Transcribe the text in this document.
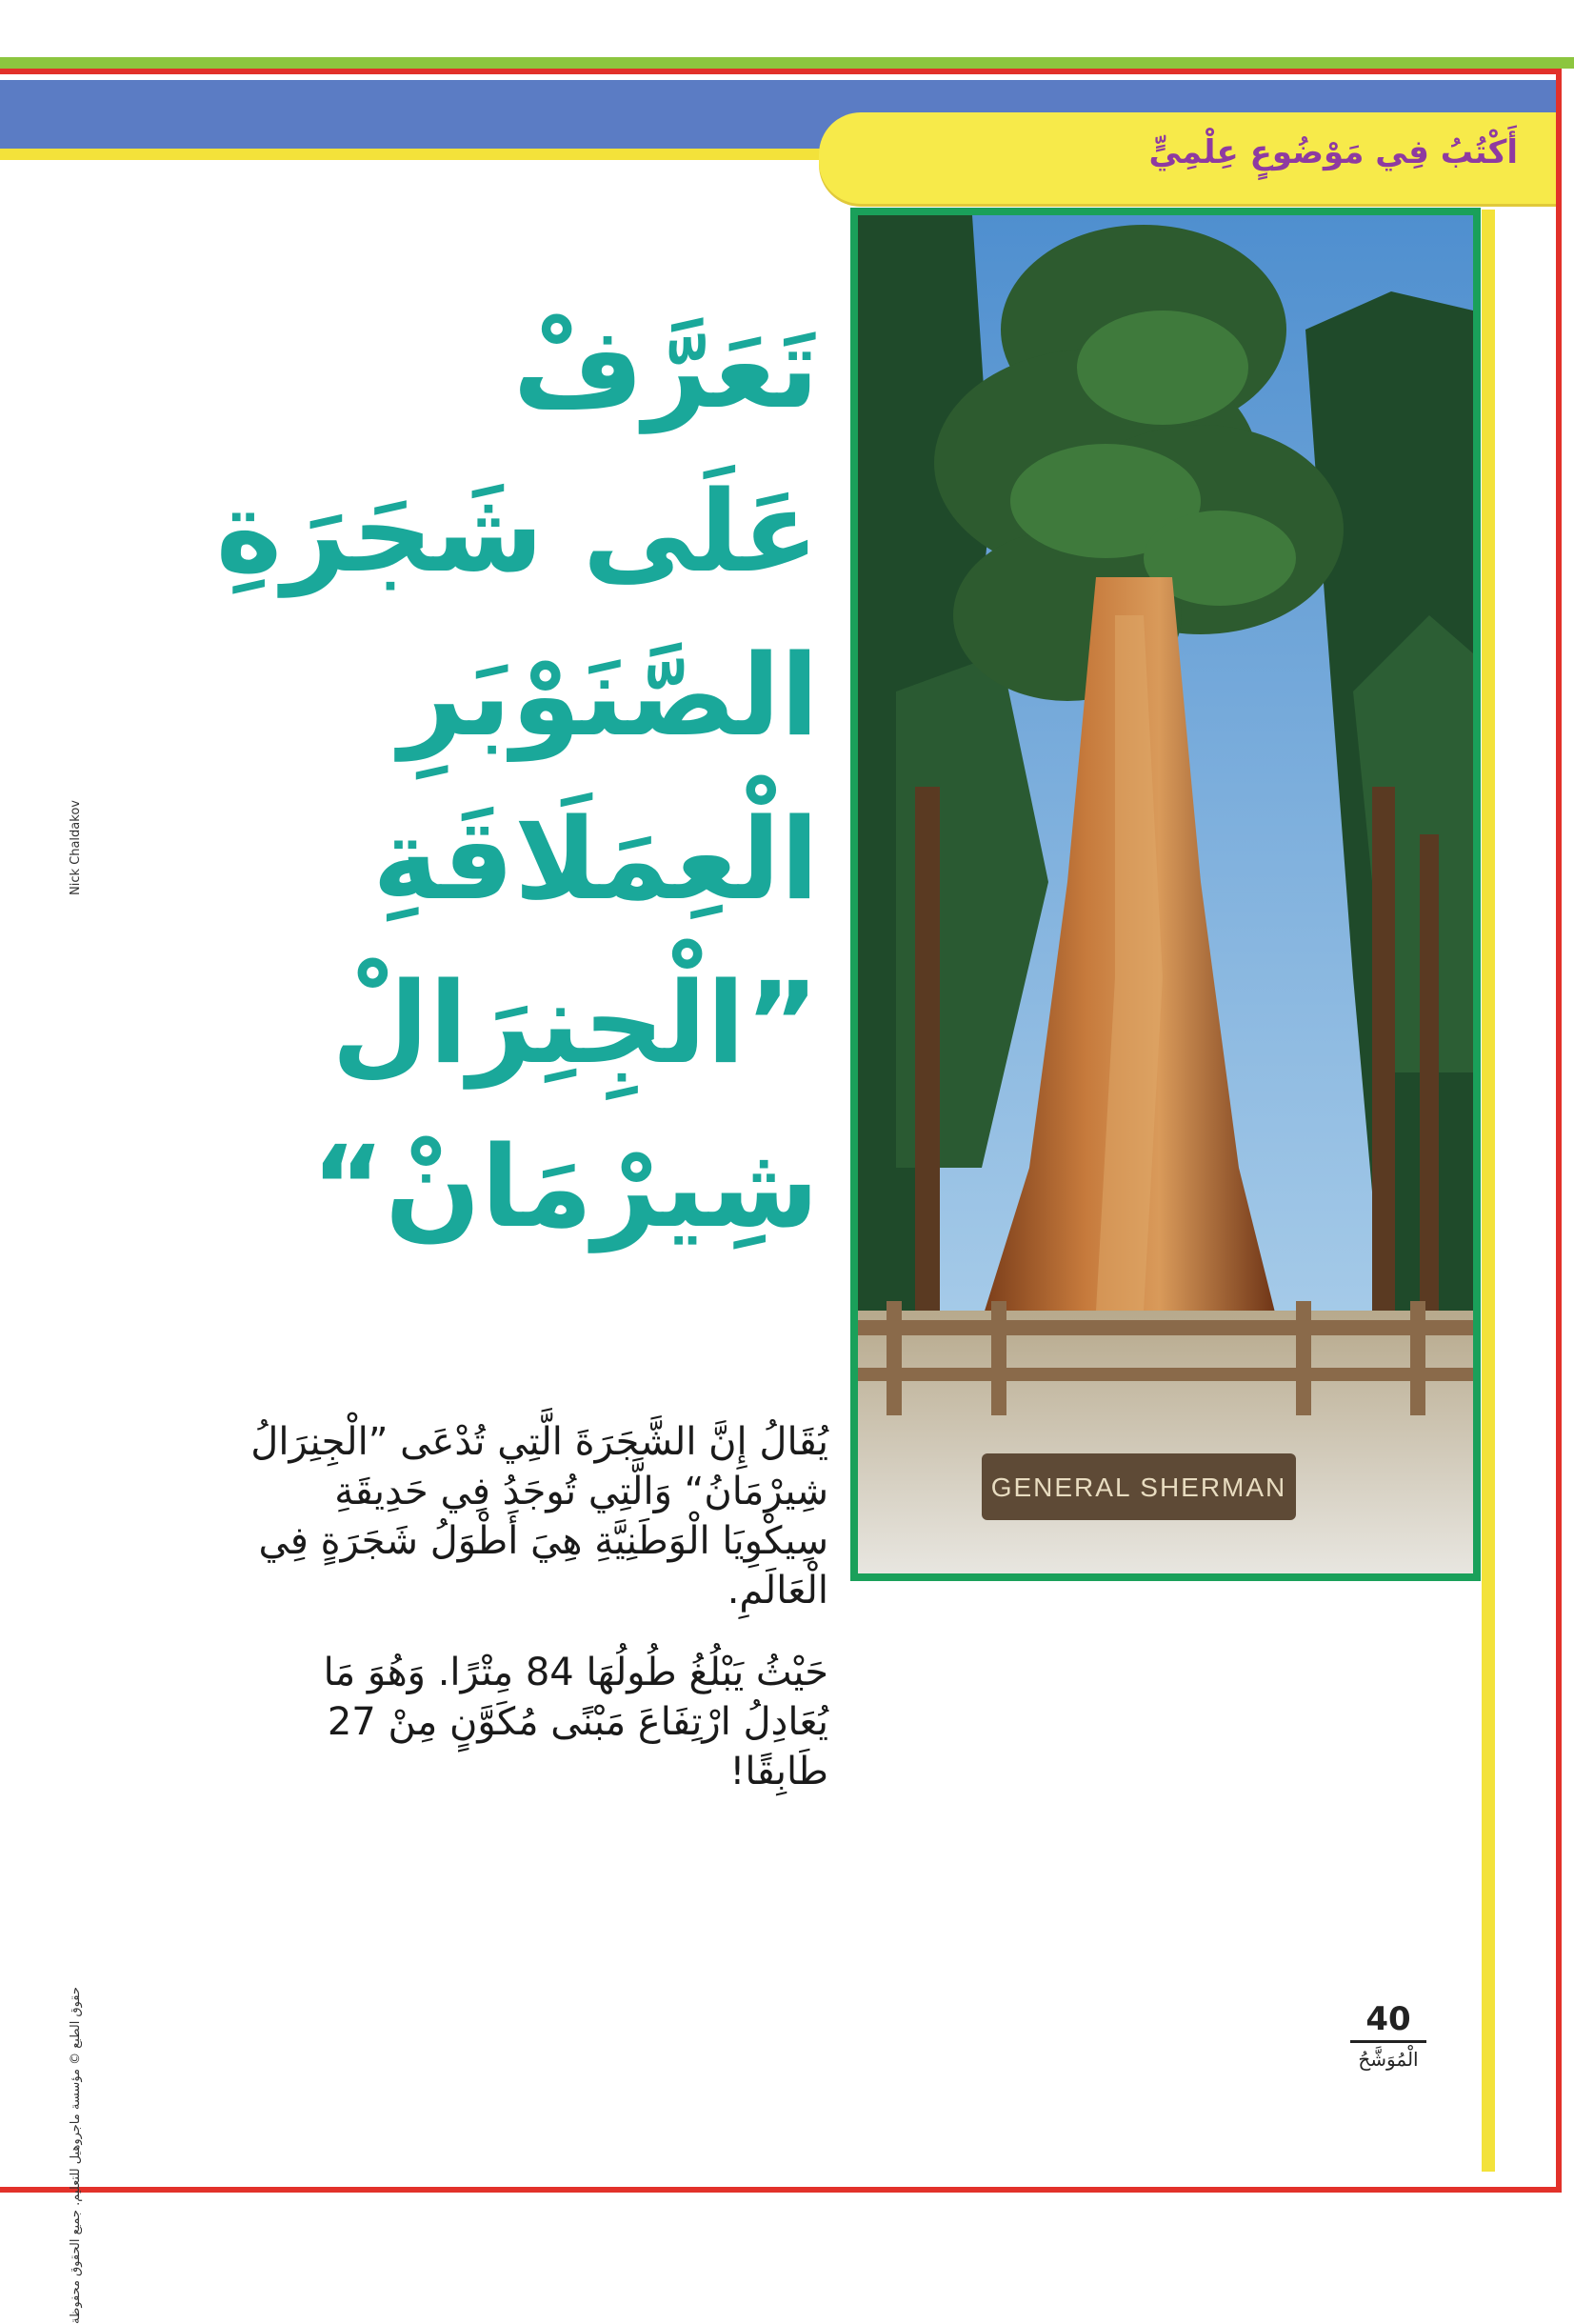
أَكْتُبُ فِي مَوْضُوعٍ عِلْمِيٍّ
GENERAL SHERMAN
تَعَرَّفْ
عَلَى شَجَرَةِ
الصَّنَوْبَرِ
الْعِمَلَاقَةِ
”الْجِنِرَالْ
شِيرْمَانْ“

يُقَالُ إِنَّ الشَّجَرَةَ الَّتِي تُدْعَى ”الْجِنِرَالُ شِيرْمَانُ“ وَالَّتِي تُوجَدُ فِي حَدِيقَةِ سِيكْوِيَا الْوَطَنِيَّةِ هِيَ أَطْوَلُ شَجَرَةٍ فِي الْعَالَمِ.

حَيْثُ يَبْلُغُ طُولُهَا 84 مِتْرًا. وَهُوَ مَا يُعَادِلُ ارْتِفَاعَ مَبْنًى مُكَوَّنٍ مِنْ 27 طَابِقًا!

40
الْمُوَشَّحُ
Nick Chaldakov
حقوق الطبع © مؤسسة ماجروهيل للتعليم. جميع الحقوق محفوظة
